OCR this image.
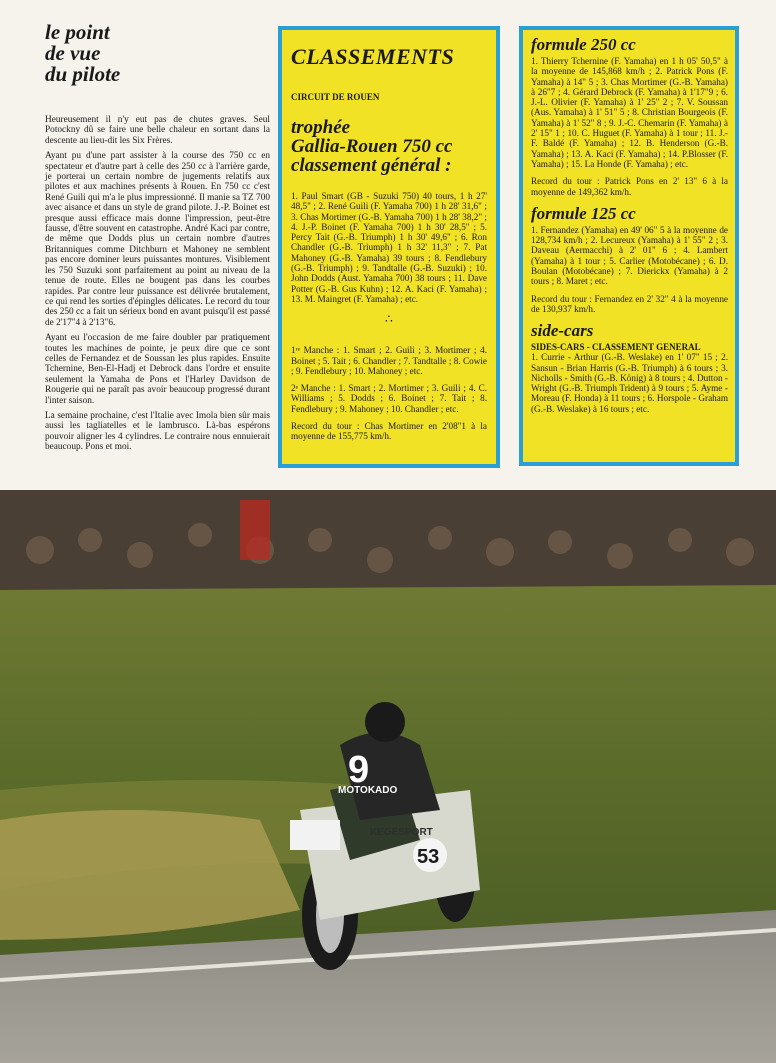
le point
de vue
du pilote

Heureusement il n'y eut pas de chutes graves. Seul Potockny dû se faire une belle chaleur en sortant dans la descente au lieu-dit les Six Frères.

Ayant pu d'une part assister à la course des 750 cc en spectateur et d'autre part à celle des 250 cc à l'arrière garde, je porterai un certain nombre de jugements relatifs aux pilotes et aux machines présents à Rouen. En 750 cc c'est René Guili qui m'a le plus impressionné. Il manie sa TZ 700 avec aisance et dans un style de grand pilote. J.-P. Boinet est presque aussi efficace mais donne l'impression, peut-être fausse, d'être souvent en catastrophe. André Kaci par contre, de même que Dodds plus un certain nombre d'autres Britanniques comme Ditchburn et Mahoney ne semblent pas encore dominer leurs puissantes montures. Visiblement les 750 Suzuki sont parfaitement au point au niveau de la tenue de route. Elles ne bougent pas dans les courbes rapides. Par contre leur puissance est délivrée brutalement, ce qui rend les sorties d'épingles délicates. Le record du tour des 250 cc a fait un sérieux bond en avant puisqu'il est passé de 2'17"4 à 2'13"6.

Ayant eu l'occasion de me faire doubler par pratiquement toutes les machines de pointe, je peux dire que ce sont celles de Fernandez et de Soussan les plus rapides. Ensuite Tchernine, Ben-El-Hadj et Debrock dans l'ordre et ensuite seulement la Yamaha de Pons et l'Harley Davidson de Rougerie qui ne paraît pas avoir beaucoup progressé durant l'inter saison.

La semaine prochaine, c'est l'Italie avec Imola bien sûr mais aussi les tagliatelles et le lambrusco. Là-bas espérons pouvoir aligner les 4 cylindres. Le contraire nous ennuierait beaucoup. Pons et moi.

CLASSEMENTS
CIRCUIT DE ROUEN
trophée
Gallia-Rouen 750 cc
classement général :

1. Paul Smart (GB - Suzuki 750) 40 tours, 1 h 27' 48,5" ; 2. René Guili (F. Yamaha 700) 1 h 28' 31,6" ; 3. Chas Mortimer (G.-B. Yamaha 700) 1 h 28' 38,2" ; 4. J.-P. Boinet (F. Yamaha 700) 1 h 30' 28,5" ; 5. Percy Tait (G.-B. Triumph) 1 h 30' 49,6" ; 6. Ron Chandler (G.-B. Triumph) 1 h 32' 11,3" ; 7. Pat Mahoney (G.-B. Yamaha) 39 tours ; 8. Fendlebury (G.-B. Triumph) ; 9. Tandtalle (G.-B. Suzuki) ; 10. John Dodds (Aust. Yamaha 700) 38 tours ; 11. Dave Potter (G.-B. Gus Kuhn) ; 12. A. Kaci (F. Yamaha) ; 13. M. Maingret (F. Yamaha) ; etc.

∴

1ʳᵉ Manche : 1. Smart ; 2. Guili ; 3. Mortimer ; 4. Boinet ; 5. Tait ; 6. Chandler ; 7. Tandtalle ; 8. Cowie ; 9. Fendlebury ; 10. Mahoney ; etc.

2ᵉ Manche : 1. Smart ; 2. Mortimer ; 3. Guili ; 4. C. Williams ; 5. Dodds ; 6. Boinet ; 7. Tait ; 8. Fendlebury ; 9. Mahoney ; 10. Chandler ; etc.

Record du tour : Chas Mortimer en 2'08"1 à la moyenne de 155,775 km/h.

formule 250 cc

1. Thierry Tchernine (F. Yamaha) en 1 h 05' 50,5" à la moyenne de 145,868 km/h ; 2. Patrick Pons (F. Yamaha) à 14" 5 ; 3. Chas Mortimer (G.-B. Yamaha) à 26"7 ; 4. Gérard Debrock (F. Yamaha) à 1'17"9 ; 6. J.-L. Olivier (F. Yamaha) à 1' 25" 2 ; 7. V. Soussan (Aus. Yamaha) à 1' 51" 5 ; 8. Christian Bourgeois (F. Yamaha) à 1' 52" 8 ; 9. J.-C. Chemarin (F. Yamaha) à 2' 15" 1 ; 10. C. Huguet (F. Yamaha) à 1 tour ; 11. J.-F. Baldé (F. Yamaha) ; 12. B. Henderson (G.-B. Yamaha) ; 13. A. Kaci (F. Yamaha) ; 14. P.Blosser (F. Yamaha) ; 15. La Honde (F. Yamaha) ; etc.

Record du tour : Patrick Pons en 2' 13" 6 à la moyenne de 149,362 km/h.

formule 125 cc

1. Fernandez (Yamaha) en 49' 06" 5 à la moyenne de 128,734 km/h ; 2. Lecureux (Yamaha) à 1' 55" 2 ; 3. Daveau (Aermacchi) à 2' 01" 6 ; 4. Lambert (Yamaha) à 1 tour ; 5. Carlier (Motobécane) ; 6. D. Boulan (Motobécane) ; 7. Dierickx (Yamaha) à 2 tours ; 8. Maret ; etc.

Record du tour : Fernandez en 2' 32" 4 à la moyenne de 130,937 km/h.

side-cars
SIDES-CARS - CLASSEMENT GENERAL

1. Currie - Arthur (G.-B. Weslake) en 1' 07" 15 ; 2. Sansun - Brian Harris (G.-B. Triumph) à 6 tours ; 3. Nicholls - Smith (G.-B. König) à 8 tours ; 4. Dutton - Wright (G.-B. Triumph Trident) à 9 tours ; 5. Ayme - Moreau (F. Honda) à 11 tours ; 6. Horspole - Graham (G.-B. Weslake) à 16 tours ; etc.

9
MOTOKADO
KEGESPORT
53
